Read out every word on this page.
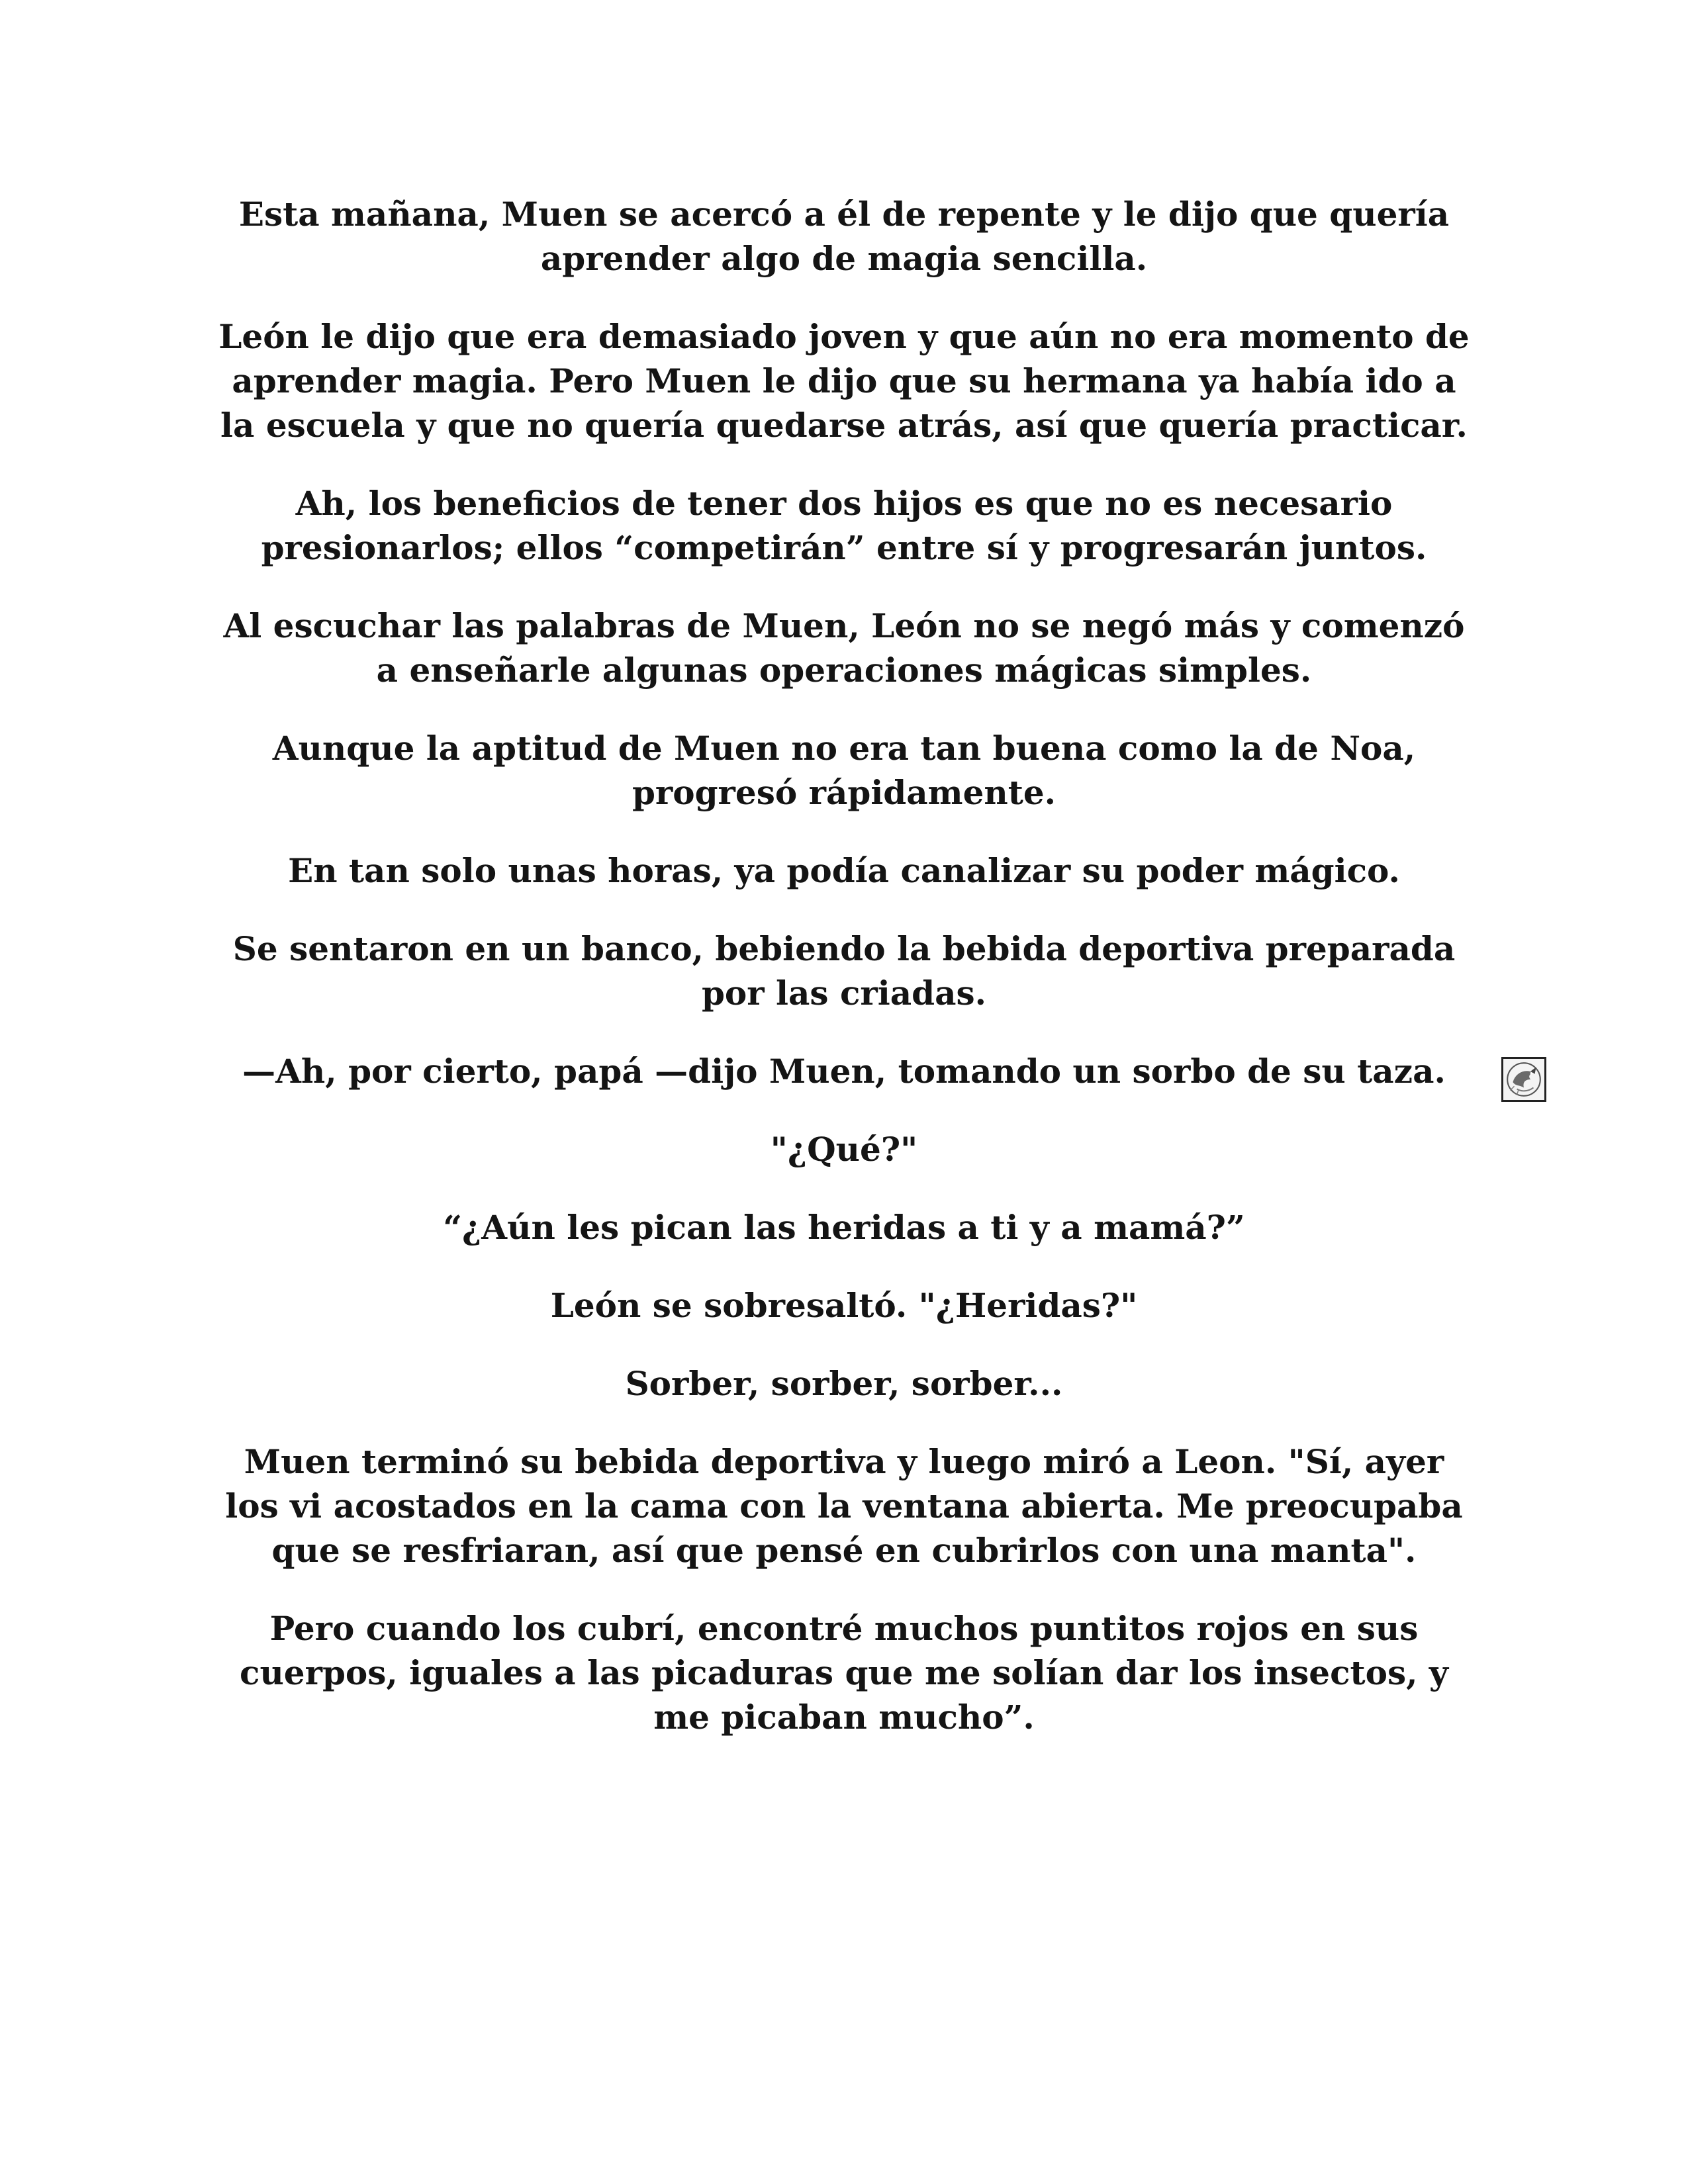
Esta mañana, Muen se acercó a él de repente y le dijo que quería aprender algo de magia sencilla.

León le dijo que era demasiado joven y que aún no era momento de aprender magia. Pero Muen le dijo que su hermana ya había ido a la escuela y que no quería quedarse atrás, así que quería practicar.

Ah, los beneficios de tener dos hijos es que no es necesario presionarlos; ellos “competirán” entre sí y progresarán juntos.

Al escuchar las palabras de Muen, León no se negó más y comenzó a enseñarle algunas operaciones mágicas simples.

Aunque la aptitud de Muen no era tan buena como la de Noa, progresó rápidamente.

En tan solo unas horas, ya podía canalizar su poder mágico.

Se sentaron en un banco, bebiendo la bebida deportiva preparada por las criadas.

—Ah, por cierto, papá —dijo Muen, tomando un sorbo de su taza.

"¿Qué?"

“¿Aún les pican las heridas a ti y a mamá?”

León se sobresaltó. "¿Heridas?"

Sorber, sorber, sorber...

Muen terminó su bebida deportiva y luego miró a Leon. "Sí, ayer los vi acostados en la cama con la ventana abierta. Me preocupaba que se resfriaran, así que pensé en cubrirlos con una manta".

Pero cuando los cubrí, encontré muchos puntitos rojos en sus cuerpos, iguales a las picaduras que me solían dar los insectos, y me picaban mucho”.
